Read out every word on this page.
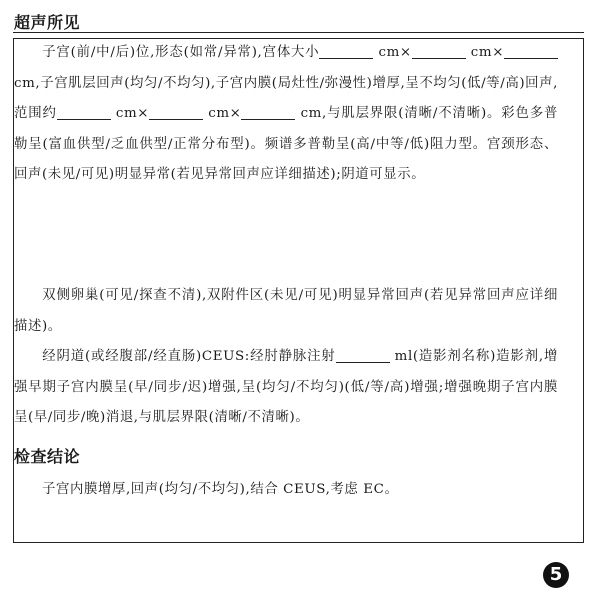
超声所见
子宫(前/中/后)位,形态(如常/异常),宫体大小	cm×	cm× cm,子宫肌层回声(均匀/不均匀),子宫内膜(局灶性/弥漫性)增厚,呈不均匀(低/等/高)回声,范围约	cm×	cm×	cm,与肌层界限(清晰/不清晰)。彩色多普勒呈(富血供型/乏血供型/正常分布型)。频谱多普勒呈(高/中等/低)阻力型。宫颈形态、回声(未见/可见)明显异常(若见异常回声应详细描述);阴道可显示。
双侧卵巢(可见/探查不清),双附件区(未见/可见)明显异常回声(若见异常回声应详细描述)。
经阴道(或经腹部/经直肠)CEUS:经肘静脉注射	ml(造影剂名称)造影剂,增强早期子宫内膜呈(早/同步/迟)增强,呈(均匀/不均匀)(低/等/高)增强;增强晚期子宫内膜呈(早/同步/晚)消退,与肌层界限(清晰/不清晰)。
检查结论
子宫内膜增厚,回声(均匀/不均匀),结合 CEUS,考虑 EC。
5
